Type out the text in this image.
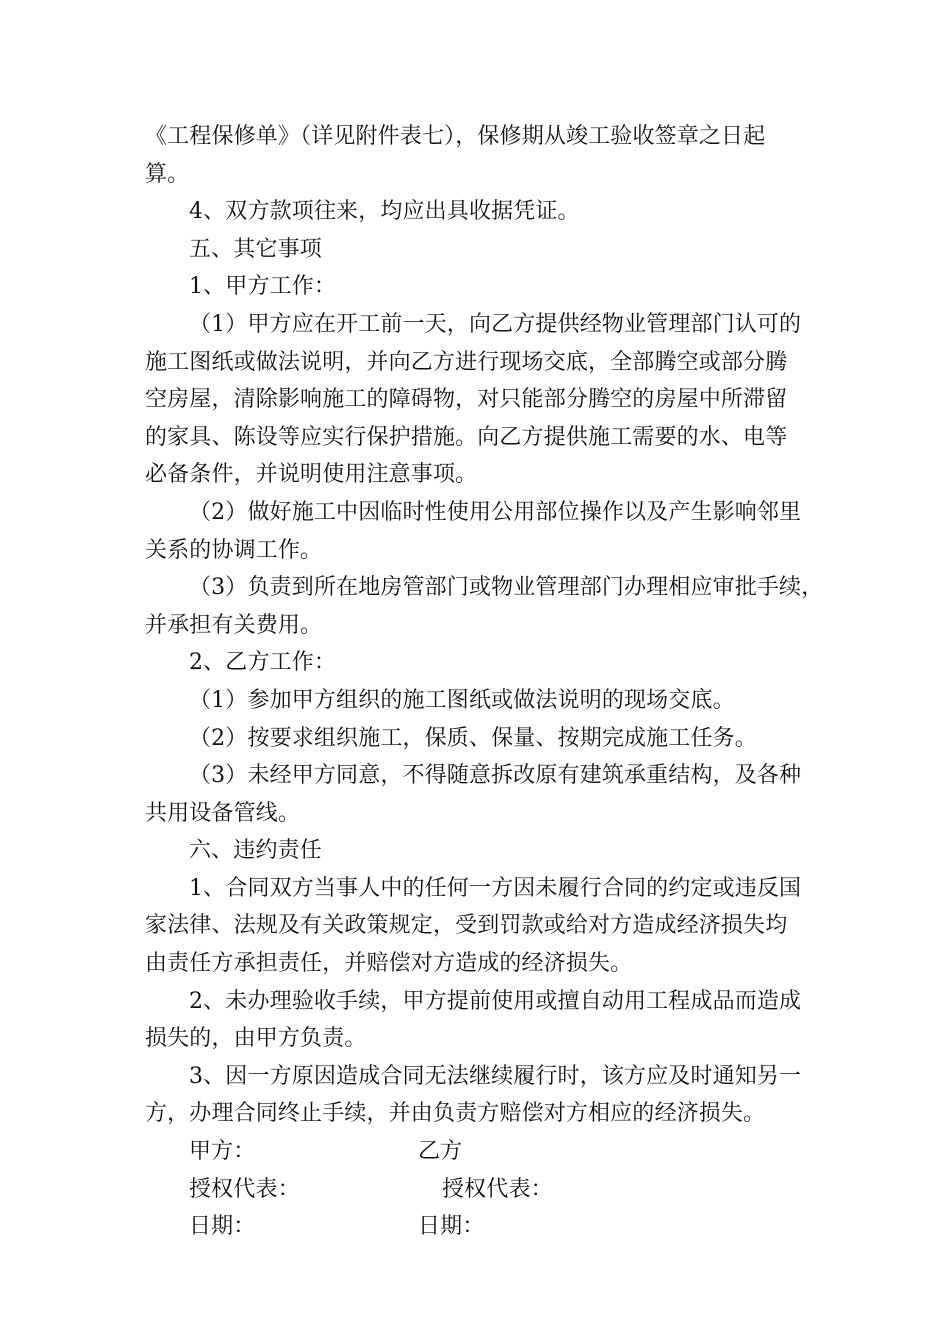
《工程保修单》（详见附件表七），保修期从竣工验收签章之日起
算。
4、双方款项往来，均应出具收据凭证。
五、其它事项
1、甲方工作：
（1）甲方应在开工前一天，向乙方提供经物业管理部门认可的
施工图纸或做法说明，并向乙方进行现场交底，全部腾空或部分腾
空房屋，清除影响施工的障碍物，对只能部分腾空的房屋中所滞留
的家具、陈设等应实行保护措施。向乙方提供施工需要的水、电等
必备条件，并说明使用注意事项。
（2）做好施工中因临时性使用公用部位操作以及产生影响邻里
关系的协调工作。
（3）负责到所在地房管部门或物业管理部门办理相应审批手续，
并承担有关费用。
2、乙方工作：
（1）参加甲方组织的施工图纸或做法说明的现场交底。
（2）按要求组织施工，保质、保量、按期完成施工任务。
（3）未经甲方同意，不得随意拆改原有建筑承重结构，及各种
共用设备管线。
六、违约责任
1、合同双方当事人中的任何一方因未履行合同的约定或违反国
家法律、法规及有关政策规定，受到罚款或给对方造成经济损失均
由责任方承担责任，并赔偿对方造成的经济损失。
2、未办理验收手续，甲方提前使用或擅自动用工程成品而造成
损失的，由甲方负责。
3、因一方原因造成合同无法继续履行时，该方应及时通知另一
方，办理合同终止手续，并由负责方赔偿对方相应的经济损失。
甲方：	乙方
授权代表：	授权代表：
日期：	日期：
